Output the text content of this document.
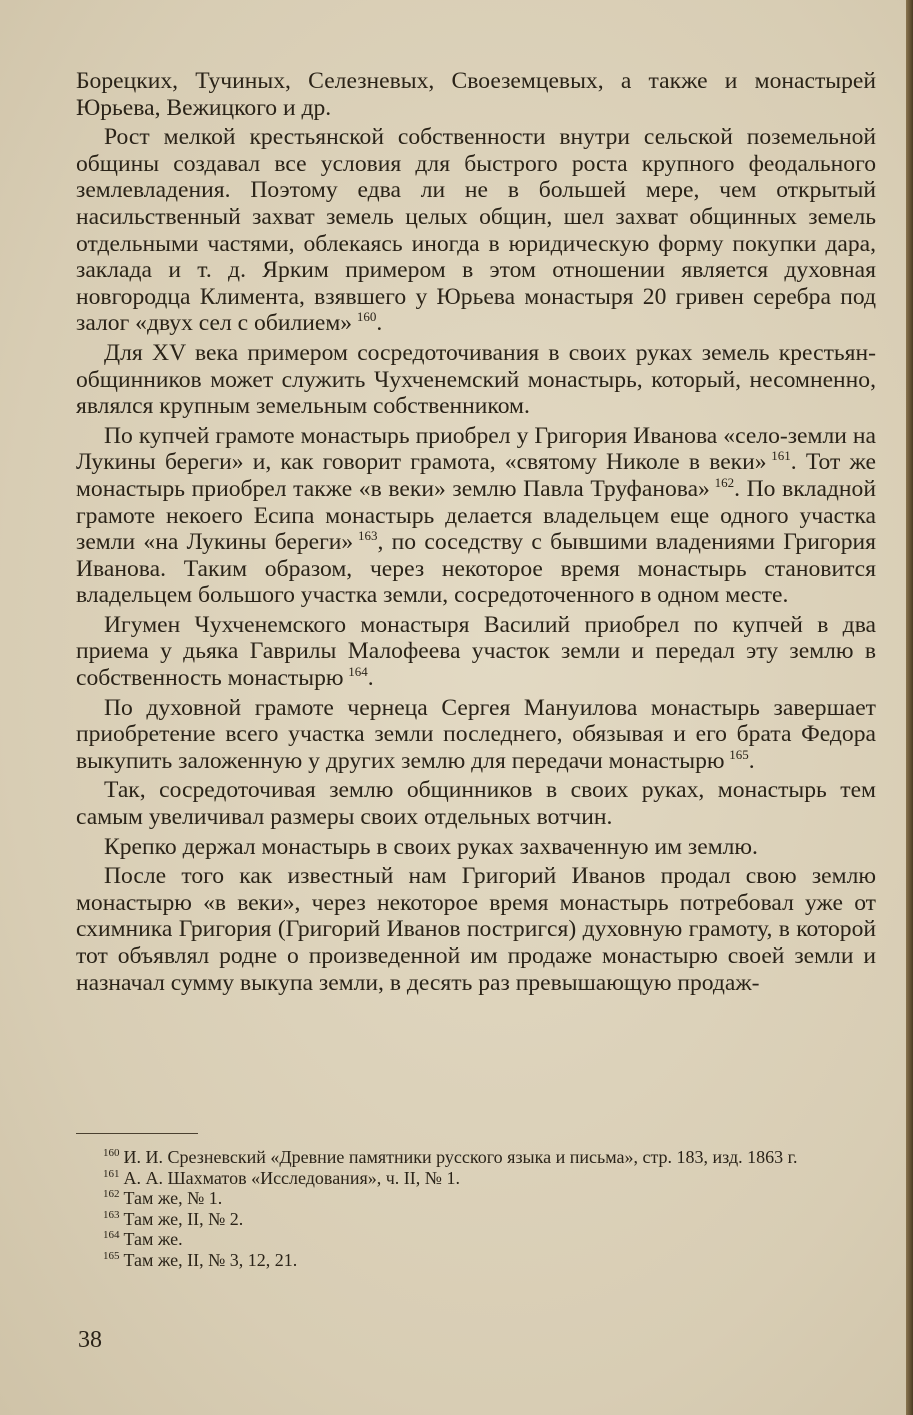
Борецких, Тучиных, Селезневых, Своеземцевых, а также и монастырей Юрьева, Вежицкого и др.

Рост мелкой крестьянской собственности внутри сельской поземельной общины создавал все условия для быстрого роста крупного феодального землевладения. Поэтому едва ли не в большей мере, чем открытый насильственный захват земель целых общин, шел захват общинных земель отдельными частями, облекаясь иногда в юридическую форму покупки дара, заклада и т. д. Ярким примером в этом отношении является духовная новгородца Климента, взявшего у Юрьева монастыря 20 гривен серебра под залог «двух сел с обилием»  $^{160}$.

Для XV века примером сосредоточивания в своих руках земель крестьян-общинников может служить Чухченемский монастырь, который, несомненно, являлся крупным земельным собственником.

По купчей грамоте монастырь приобрел у Григория Иванова «село-земли на Лукины береги» и, как говорит грамота, «святому Николе в веки»  $^{161}$. Тот же монастырь приобрел также «в веки» землю Павла Труфанова»  $^{162}$. По вкладной грамоте некоего Есипа монастырь делается владельцем еще одного участка земли «на Лукины береги»  $^{163}$, по соседству с бывшими владениями Григория Иванова. Таким образом, через некоторое время монастырь становится владельцем большого участка земли, сосредоточенного в одном месте.

Игумен Чухченемского монастыря Василий приобрел по купчей в два приема у дьяка Гаврилы Малофеева участок земли и передал эту землю в собственность монастырю  $^{164}$.

По духовной грамоте чернеца Сергея Мануилова монастырь завершает приобретение всего участка земли последнего, обязывая и его брата Федора выкупить заложенную у других землю для передачи монастырю  $^{165}$.

Так, сосредоточивая землю общинников в своих руках, монастырь тем самым увеличивал размеры своих отдельных вотчин.

Крепко держал монастырь в своих руках захваченную им землю.

После того как известный нам Григорий Иванов продал свою землю монастырю «в веки», через некоторое время монастырь потребовал уже от схимника Григория (Григорий Иванов постригся) духовную грамоту, в которой тот объявлял родне о произведенной им продаже монастырю своей земли и назначал сумму выкупа земли, в десять раз превышающую продаж-

$^{160}$ И. И. Срезневский «Древние памятники русского языка и письма», стр. 183, изд. 1863 г.

$^{161}$ А. А. Шахматов «Исследования», ч. II, № 1.

$^{162}$ Там же, № 1.

$^{163}$ Там же, II, № 2.

$^{164}$ Там же.

$^{165}$ Там же, II, № 3, 12, 21.

38
